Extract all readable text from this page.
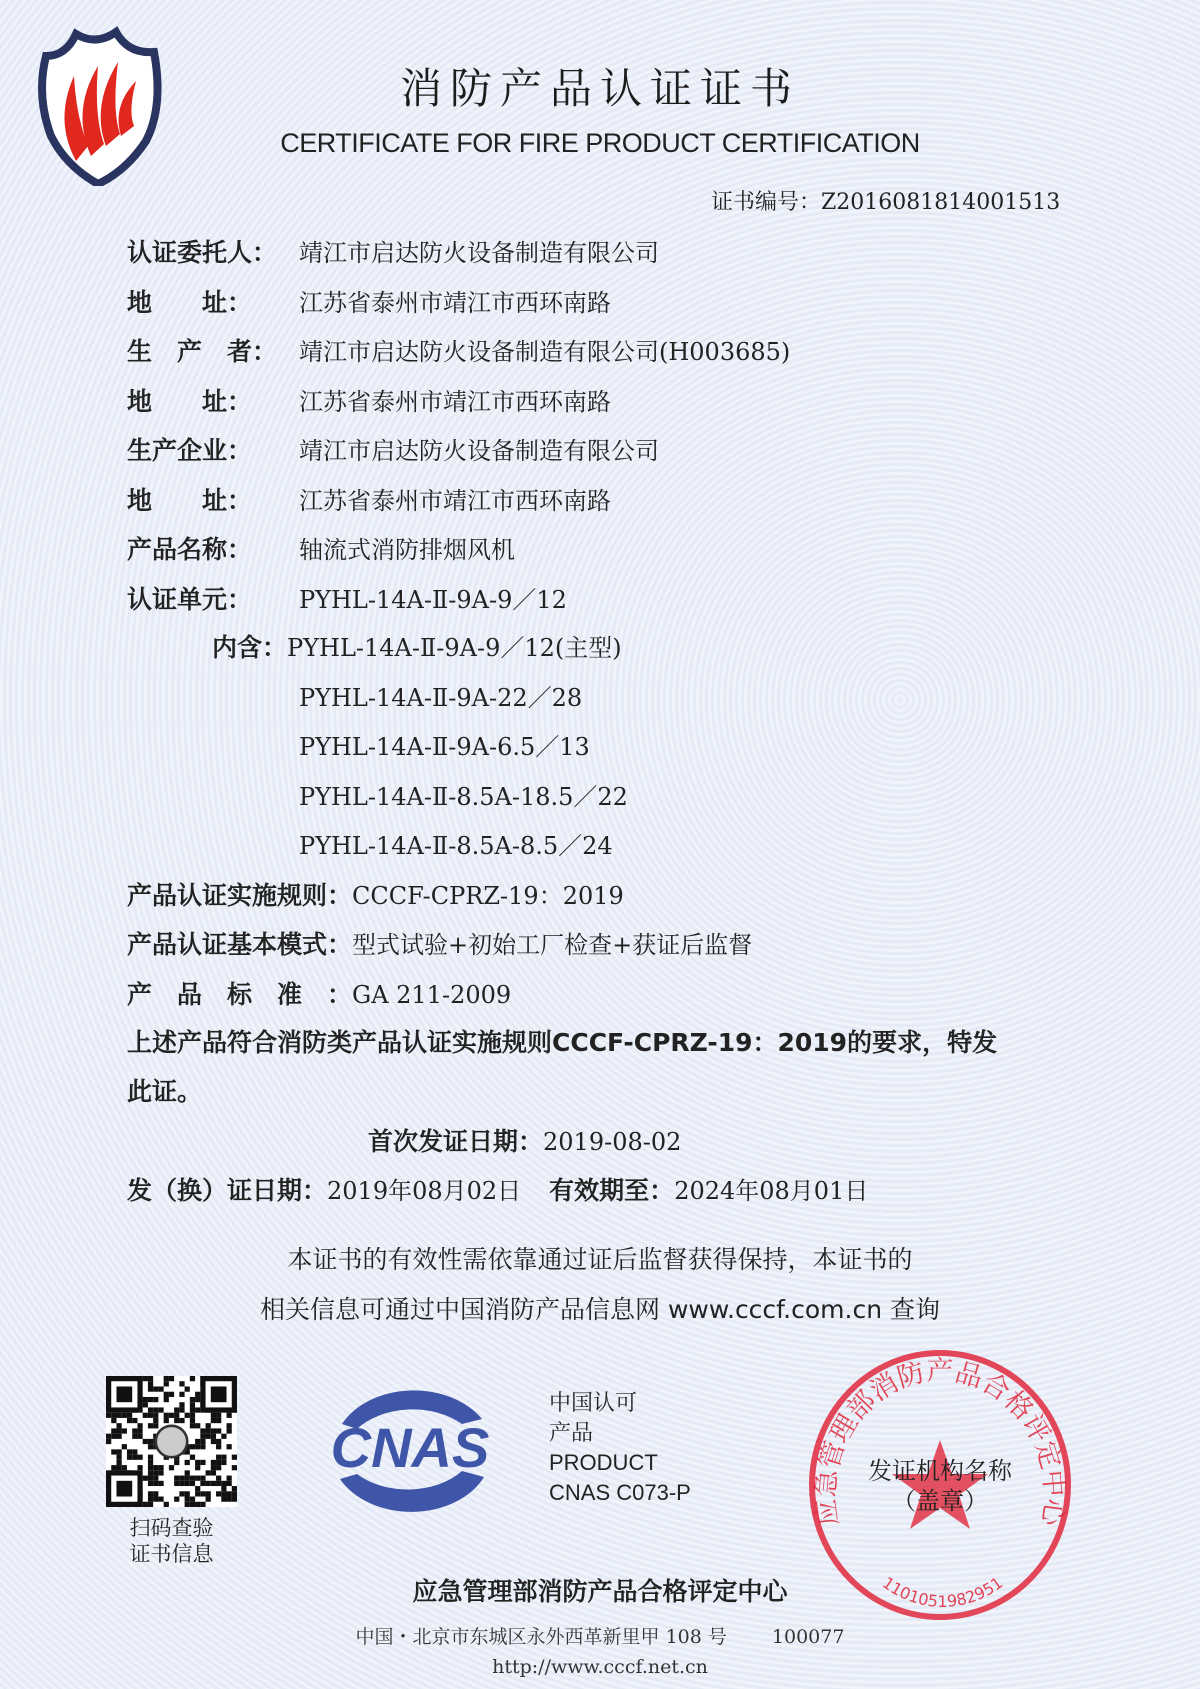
消防产品认证证书
CERTIFICATE FOR FIRE PRODUCT CERTIFICATION
证书编号：Z2016081814001513
认证委托人： 靖江市启达防火设备制造有限公司
地　　址：	江苏省泰州市靖江市西环南路
生　产　者： 靖江市启达防火设备制造有限公司(H003685)
地　　址：	江苏省泰州市靖江市西环南路
生产企业：	靖江市启达防火设备制造有限公司
地　　址：	江苏省泰州市靖江市西环南路
产品名称：	轴流式消防排烟风机
认证单元：	PYHL-14A-Ⅱ-9A-9／12
内含： PYHL-14A-Ⅱ-9A-9／12(主型)
PYHL-14A-Ⅱ-9A-22／28
PYHL-14A-Ⅱ-9A-6.5／13
PYHL-14A-Ⅱ-8.5A-18.5／22
PYHL-14A-Ⅱ-8.5A-8.5／24
产品认证实施规则： CCCF-CPRZ-19：2019
产品认证基本模式： 型式试验+初始工厂检查+获证后监督
产　品　标　准　： GA 211-2009
上述产品符合消防类产品认证实施规则CCCF-CPRZ-19：2019的要求，特发
此证。
首次发证日期： 2019-08-02
发（换）证日期： 2019年08月02日 有效期至： 2024年08月01日
本证书的有效性需依靠通过证后监督获得保持，本证书的
相关信息可通过中国消防产品信息网 www.cccf.com.cn 查询
扫码查验
证书信息
CNAS
中国认可
产品
PRODUCT
CNAS C073-P
应急管理部消防产品合格评定中心
1101051982951
发证机构名称（盖章）
应急管理部消防产品合格评定中心
中国・北京市东城区永外西革新里甲 108 号 100077
http://www.cccf.net.cn
